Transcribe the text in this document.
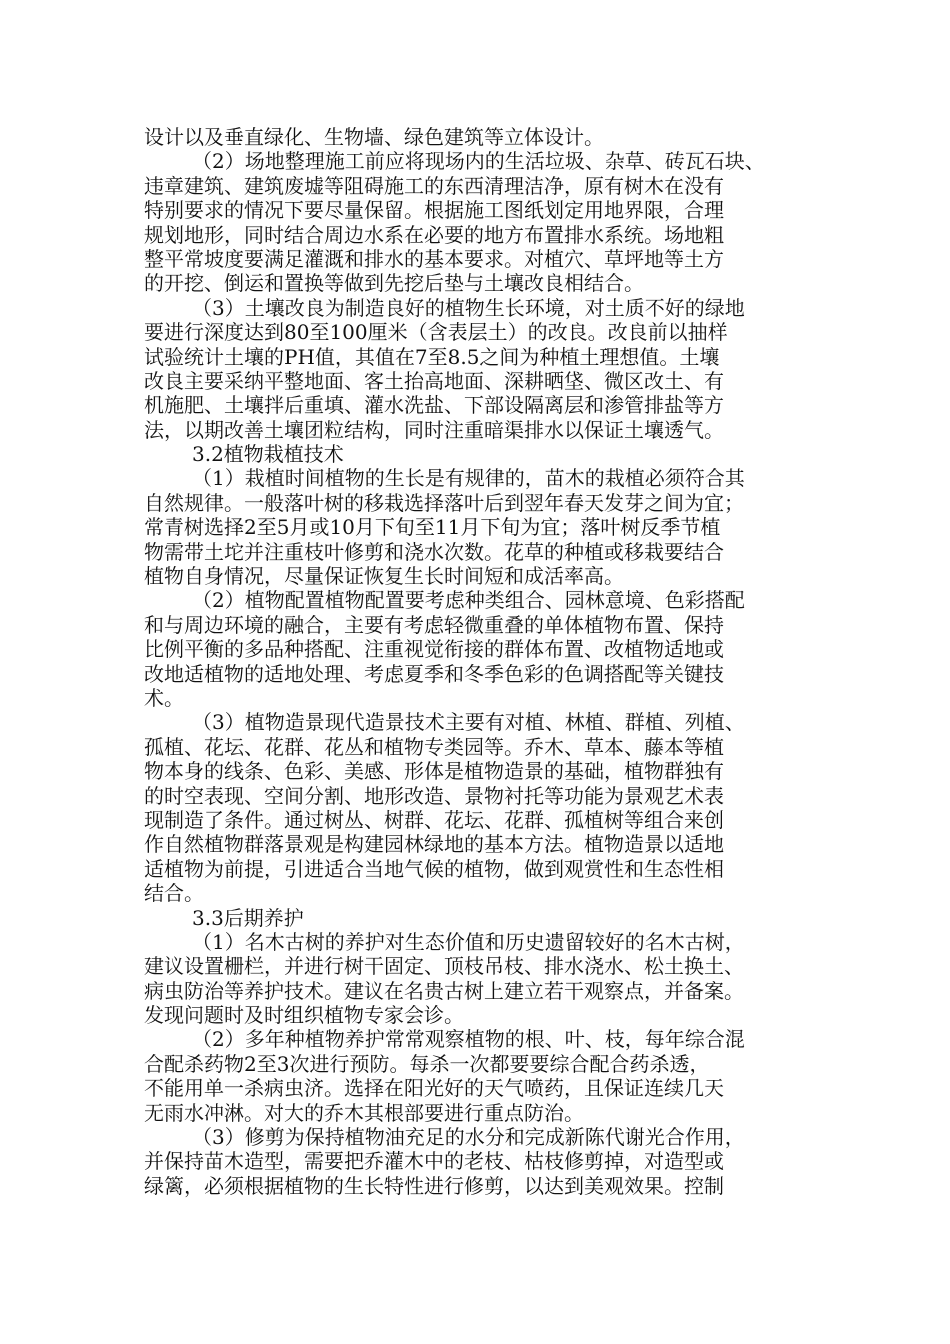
设计以及垂直绿化、生物墙、绿色建筑等立体设计。
（2）场地整理施工前应将现场内的生活垃圾、杂草、砖瓦石块、
违章建筑、建筑废墟等阻碍施工的东西清理洁净，原有树木在没有
特别要求的情况下要尽量保留。根据施工图纸划定用地界限，合理
规划地形，同时结合周边水系在必要的地方布置排水系统。场地粗
整平常坡度要满足灌溉和排水的基本要求。对植穴、草坪地等土方
的开挖、倒运和置换等做到先挖后垫与土壤改良相结合。
（3）土壤改良为制造良好的植物生长环境，对土质不好的绿地
要进行深度达到80至100厘米（含表层土）的改良。改良前以抽样
试验统计土壤的PH值，其值在7至8.5之间为种植土理想值。土壤
改良主要采纳平整地面、客土抬高地面、深耕晒垡、微区改土、有
机施肥、土壤拌后重填、灌水洗盐、下部设隔离层和渗管排盐等方
法，以期改善土壤团粒结构，同时注重暗渠排水以保证土壤透气。
3.2植物栽植技术
（1）栽植时间植物的生长是有规律的，苗木的栽植必须符合其
自然规律。一般落叶树的移栽选择落叶后到翌年春天发芽之间为宜；
常青树选择2至5月或10月下旬至11月下旬为宜；落叶树反季节植
物需带土坨并注重枝叶修剪和浇水次数。花草的种植或移栽要结合
植物自身情况，尽量保证恢复生长时间短和成活率高。
（2）植物配置植物配置要考虑种类组合、园林意境、色彩搭配
和与周边环境的融合，主要有考虑轻微重叠的单体植物布置、保持
比例平衡的多品种搭配、注重视觉衔接的群体布置、改植物适地或
改地适植物的适地处理、考虑夏季和冬季色彩的色调搭配等关键技
术。
（3）植物造景现代造景技术主要有对植、林植、群植、列植、
孤植、花坛、花群、花丛和植物专类园等。乔木、草本、藤本等植
物本身的线条、色彩、美感、形体是植物造景的基础，植物群独有
的时空表现、空间分割、地形改造、景物衬托等功能为景观艺术表
现制造了条件。通过树丛、树群、花坛、花群、孤植树等组合来创
作自然植物群落景观是构建园林绿地的基本方法。植物造景以适地
适植物为前提，引进适合当地气候的植物，做到观赏性和生态性相
结合。
3.3后期养护
（1）名木古树的养护对生态价值和历史遗留较好的名木古树，
建议设置栅栏，并进行树干固定、顶枝吊枝、排水浇水、松土换土、
病虫防治等养护技术。建议在名贵古树上建立若干观察点，并备案。
发现问题时及时组织植物专家会诊。
（2）多年种植物养护常常观察植物的根、叶、枝，每年综合混
合配杀药物2至3次进行预防。每杀一次都要要综合配合药杀透，
不能用单一杀病虫济。选择在阳光好的天气喷药，且保证连续几天
无雨水冲淋。对大的乔木其根部要进行重点防治。
（3）修剪为保持植物油充足的水分和完成新陈代谢光合作用，
并保持苗木造型，需要把乔灌木中的老枝、枯枝修剪掉，对造型或
绿篱，必须根据植物的生长特性进行修剪，以达到美观效果。控制
